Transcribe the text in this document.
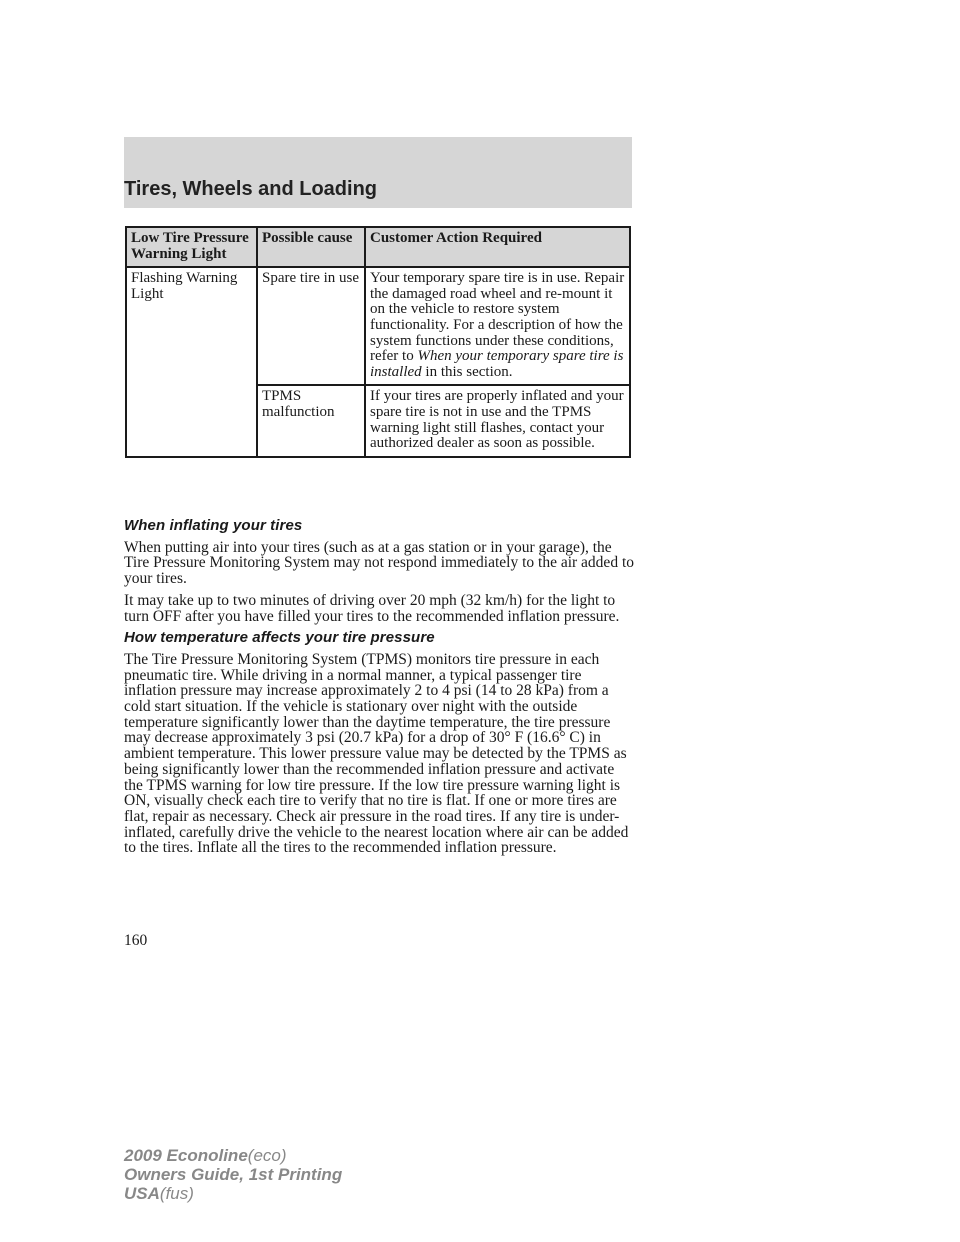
Tires, Wheels and Loading
Low Tire Pressure Warning Light	Possible cause	Customer Action Required
Flashing Warning Light	Spare tire in use	Your temporary spare tire is in use. Repair the damaged road wheel and re-mount it on the vehicle to restore system functionality. For a description of how the system functions under these conditions, refer to When your temporary spare tire is installed in this section.
	TPMS malfunction	If your tires are properly inflated and your spare tire is not in use and the TPMS warning light still flashes, contact your authorized dealer as soon as possible.
When inflating your tires

When putting air into your tires (such as at a gas station or in your garage), the Tire Pressure Monitoring System may not respond immediately to the air added to your tires.

It may take up to two minutes of driving over 20 mph (32 km/h) for the light to turn OFF after you have filled your tires to the recommended inflation pressure.

How temperature affects your tire pressure

The Tire Pressure Monitoring System (TPMS) monitors tire pressure in each pneumatic tire. While driving in a normal manner, a typical passenger tire inflation pressure may increase approximately 2 to 4 psi (14 to 28 kPa) from a cold start situation. If the vehicle is stationary over night with the outside temperature significantly lower than the daytime temperature, the tire pressure may decrease approximately 3 psi (20.7 kPa) for a drop of 30° F (16.6° C) in ambient temperature. This lower pressure value may be detected by the TPMS as being significantly lower than the recommended inflation pressure and activate the TPMS warning for low tire pressure. If the low tire pressure warning light is ON, visually check each tire to verify that no tire is flat. If one or more tires are flat, repair as necessary. Check air pressure in the road tires. If any tire is under-inflated, carefully drive the vehicle to the nearest location where air can be added to the tires. Inflate all the tires to the recommended inflation pressure.

160
2009 Econoline(eco)
Owners Guide, 1st Printing
USA(fus)
